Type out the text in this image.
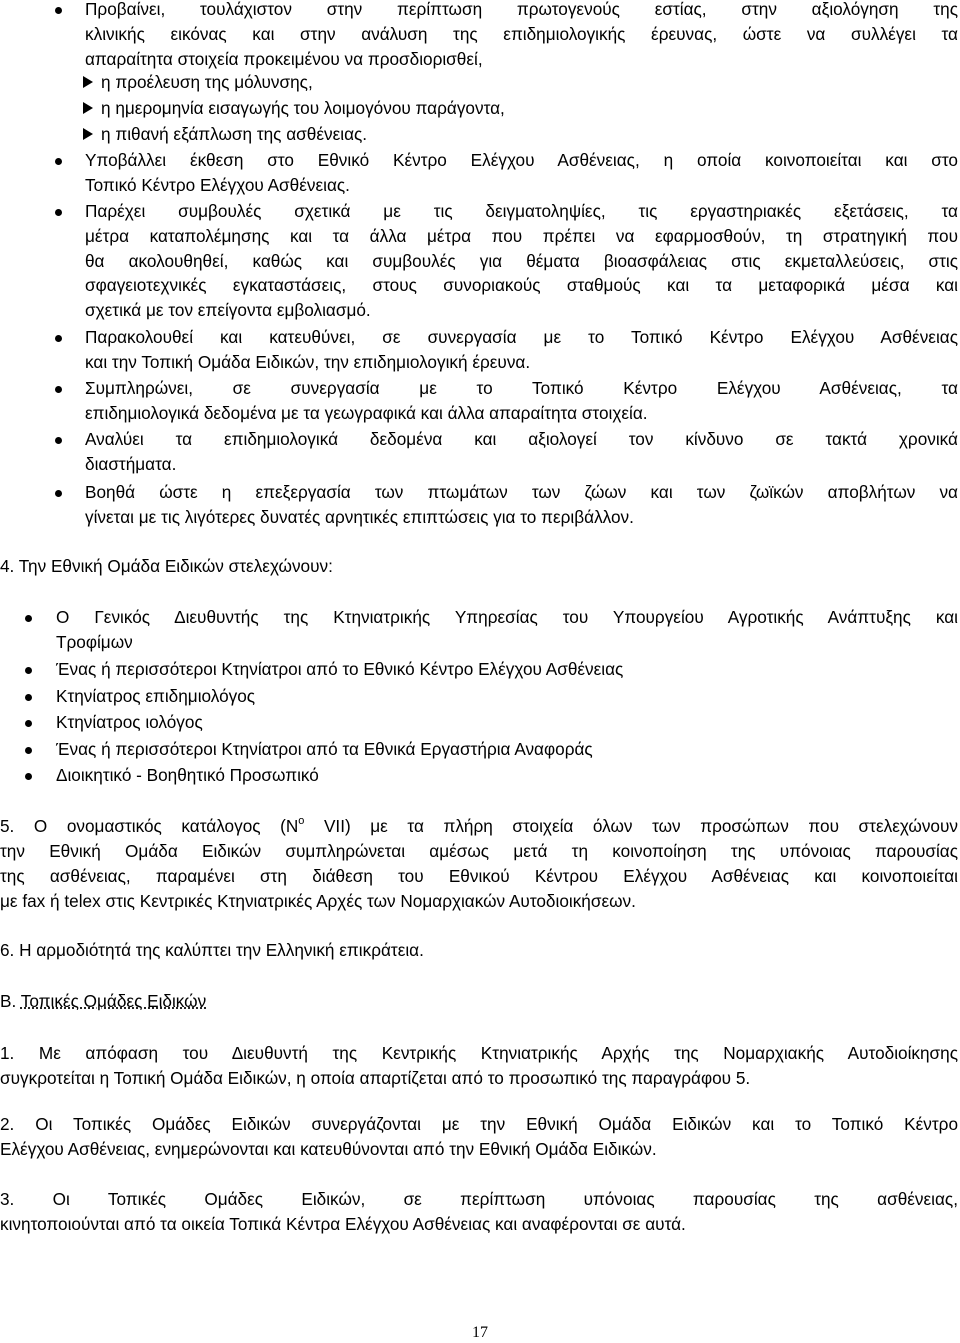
Προβαίνει, τουλάχιστον στην περίπτωση πρωτογενούς εστίας, στην αξιολόγηση της
κλινικής εικόνας και στην ανάλυση της επιδημιολογικής έρευνας, ώστε να συλλέγει τα
απαραίτητα στοιχεία προκειμένου να προσδιορισθεί,
η προέλευση της μόλυνσης,
η ημερομηνία εισαγωγής του λοιμογόνου παράγοντα,
η πιθανή εξάπλωση της ασθένειας.
Υποβάλλει έκθεση στο Εθνικό Κέντρο Ελέγχου Ασθένειας, η οποία κοινοποιείται και στο
Τοπικό Κέντρο Ελέγχου Ασθένειας.
Παρέχει συμβουλές σχετικά με τις δειγματοληψίες, τις εργαστηριακές εξετάσεις, τα
μέτρα καταπολέμησης και τα άλλα μέτρα που πρέπει να εφαρμοσθούν, τη στρατηγική που
θα ακολουθηθεί, καθώς και συμβουλές για θέματα βιοασφάλειας στις εκμεταλλεύσεις, στις
σφαγειοτεχνικές εγκαταστάσεις, στους συνοριακούς σταθμούς και τα μεταφορικά μέσα και
σχετικά με τον επείγοντα εμβολιασμό.
Παρακολουθεί και κατευθύνει, σε συνεργασία με το Τοπικό Κέντρο Ελέγχου Ασθένειας
και την Τοπική Ομάδα Ειδικών, την επιδημιολογική έρευνα.
Συμπληρώνει, σε συνεργασία με το Τοπικό Κέντρο Ελέγχου Ασθένειας, τα
επιδημιολογικά δεδομένα με τα γεωγραφικά και άλλα απαραίτητα στοιχεία.
Αναλύει τα επιδημιολογικά δεδομένα και αξιολογεί τον κίνδυνο σε τακτά χρονικά
διαστήματα.
Βοηθά ώστε η επεξεργασία των πτωμάτων των ζώων και των ζωϊκών αποβλήτων να
γίνεται με τις λιγότερες δυνατές αρνητικές επιπτώσεις για το περιβάλλον.
4. Την Εθνική Ομάδα Ειδικών στελεχώνουν:
Ο Γενικός Διευθυντής της Κτηνιατρικής Υπηρεσίας του Υπουργείου Αγροτικής Ανάπτυξης και
Τροφίμων
Ένας ή περισσότεροι Κτηνίατροι από το Εθνικό Κέντρο Ελέγχου Ασθένειας
Κτηνίατρος επιδημιολόγος
Κτηνίατρος ιολόγος
Ένας ή περισσότεροι Κτηνίατροι από τα Εθνικά Εργαστήρια Αναφοράς
Διοικητικό - Βοηθητικό Προσωπικό
5. Ο ονομαστικός κατάλογος ($N^o$ VII) με τα πλήρη στοιχεία όλων των προσώπων που στελεχώνουν
την Εθνική Ομάδα Ειδικών συμπληρώνεται αμέσως μετά τη κοινοποίηση της υπόνοιας παρουσίας
της ασθένειας, παραμένει στη διάθεση του Εθνικού Κέντρου Ελέγχου Ασθένειας και κοινοποιείται
με fax ή telex στις Κεντρικές Κτηνιατρικές Αρχές των Νομαρχιακών Αυτοδιοικήσεων.
6. Η αρμοδιότητά της καλύπτει την Ελληνική επικράτεια.
Β. Τοπικές Ομάδες Ειδικών
1. Με απόφαση του Διευθυντή της Κεντρικής Κτηνιατρικής Αρχής της Νομαρχιακής Αυτοδιοίκησης
συγκροτείται η Τοπική Ομάδα Ειδικών, η οποία απαρτίζεται από το προσωπικό της παραγράφου 5.
2. Οι Τοπικές Ομάδες Ειδικών συνεργάζονται με την Εθνική Ομάδα Ειδικών και το Τοπικό Κέντρο
Ελέγχου Ασθένειας, ενημερώνονται και κατευθύνονται από την Εθνική Ομάδα Ειδικών.
3. Οι Τοπικές Ομάδες Ειδικών, σε περίπτωση υπόνοιας παρουσίας της ασθένειας,
κινητοποιούνται από τα οικεία Τοπικά Κέντρα Ελέγχου Ασθένειας και αναφέρονται σε αυτά.
17
